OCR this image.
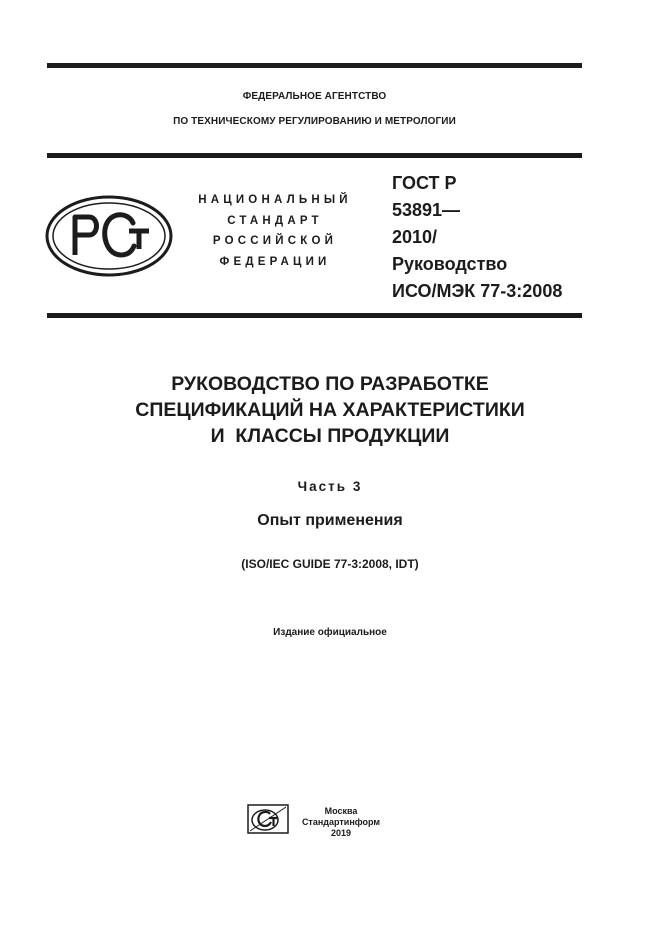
ФЕДЕРАЛЬНОЕ АГЕНТСТВО
ПО ТЕХНИЧЕСКОМУ РЕГУЛИРОВАНИЮ И МЕТРОЛОГИИ
НАЦИОНАЛЬНЫЙ
СТАНДАРТ
РОССИЙСКОЙ
ФЕДЕРАЦИИ
ГОСТ Р
53891—
2010/
Руководство
ИСО/МЭК 77-3:2008
РУКОВОДСТВО ПО РАЗРАБОТКЕ
СПЕЦИФИКАЦИЙ НА ХАРАКТЕРИСТИКИ
И  КЛАССЫ ПРОДУКЦИИ
Часть 3
Опыт применения
(ISO/IEC GUIDE 77-3:2008, IDT)
Издание официальное
Москва
Стандартинформ
2019
